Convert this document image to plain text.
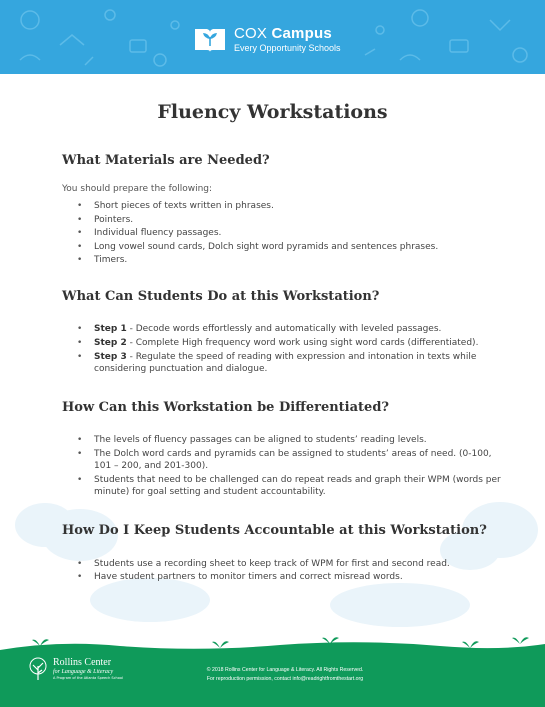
COX Campus
Every Opportunity Schools
Fluency Workstations
What Materials are Needed?

You should prepare the following:

• Short pieces of texts written in phrases.
• Pointers.
• Individual fluency passages.
• Long vowel sound cards, Dolch sight word pyramids and sentences phrases.
• Timers.
What Can Students Do at this Workstation?
• Step 1 - Decode words effortlessly and automatically with leveled passages.
• Step 2 - Complete High frequency word work using sight word cards (differentiated).
• Step 3 - Regulate the speed of reading with expression and intonation in texts while considering punctuation and dialogue.
How Can this Workstation be Differentiated?
• The levels of fluency passages can be aligned to students’ reading levels.
• The Dolch word cards and pyramids can be assigned to students’ areas of need. (0-100, 101 – 200, and 201-300).
• Students that need to be challenged can do repeat reads and graph their WPM (words per minute) for goal setting and student accountability.
How Do I Keep Students Accountable at this Workstation?
• Students use a recording sheet to keep track of WPM for first and second read.
• Have student partners to monitor timers and correct misread words.
Rollins Center
for Language & Literacy
A Program of the Atlanta Speech School
© 2018 Rollins Center for Language & Literacy. All Rights Reserved.
For reproduction permission, contact info@readrightfromthestart.org
